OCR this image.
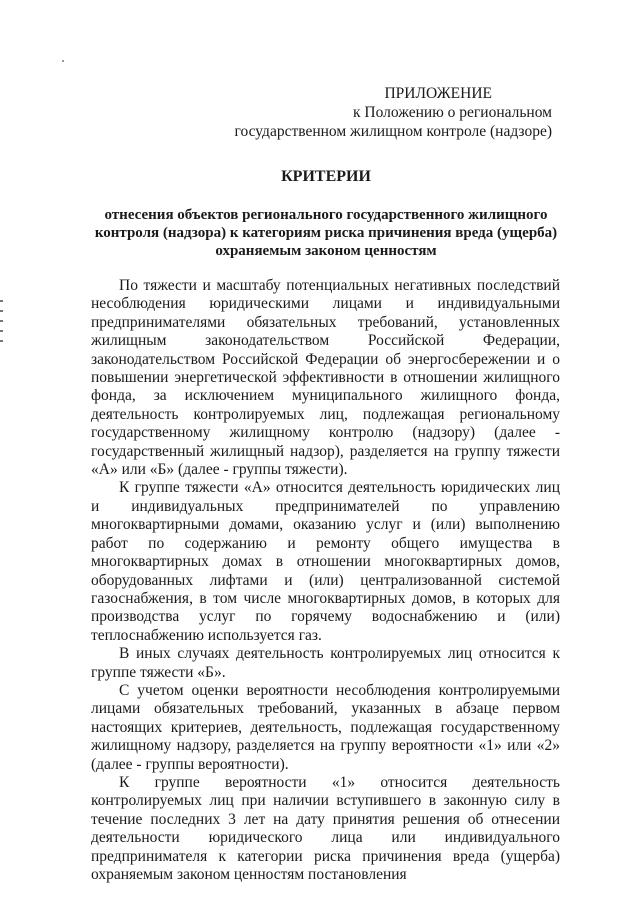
ПРИЛОЖЕНИЕ
к Положению о региональном
государственном жилищном контроле (надзоре)
КРИТЕРИИ
отнесения объектов регионального государственного жилищного контроля (надзора) к категориям риска причинения вреда (ущерба) охраняемым законом ценностям

По тяжести и масштабу потенциальных негативных последствий несоблюдения юридическими лицами и индивидуальными предпринимателями обязательных требований, установленных жилищным законодательством Российской Федерации, законодательством Российской Федерации об энергосбережении и о повышении энергетической эффективности в отношении жилищного фонда, за исключением муниципального жилищного фонда, деятельность контролируемых лиц, подлежащая региональному государственному жилищному контролю (надзору) (далее - государственный жилищный надзор), разделяется на группу тяжести «А» или «Б» (далее - группы тяжести).

К группе тяжести «А» относится деятельность юридических лиц и индивидуальных предпринимателей по управлению многоквартирными домами, оказанию услуг и (или) выполнению работ по содержанию и ремонту общего имущества в многоквартирных домах в отношении многоквартирных домов, оборудованных лифтами и (или) централизованной системой газоснабжения, в том числе многоквартирных домов, в которых для производства услуг по горячему водоснабжению и (или) теплоснабжению используется газ.

В иных случаях деятельность контролируемых лиц относится к группе тяжести «Б».

С учетом оценки вероятности несоблюдения контролируемыми лицами обязательных требований, указанных в абзаце первом настоящих критериев, деятельность, подлежащая государственному жилищному надзору, разделяется на группу вероятности «1» или «2» (далее - группы вероятности).

К группе вероятности «1» относится деятельность контролируемых лиц при наличии вступившего в законную силу в течение последних 3 лет на дату принятия решения об отнесении деятельности юридического лица или индивидуального предпринимателя к категории риска причинения вреда (ущерба) охраняемым законом ценностям постановления
